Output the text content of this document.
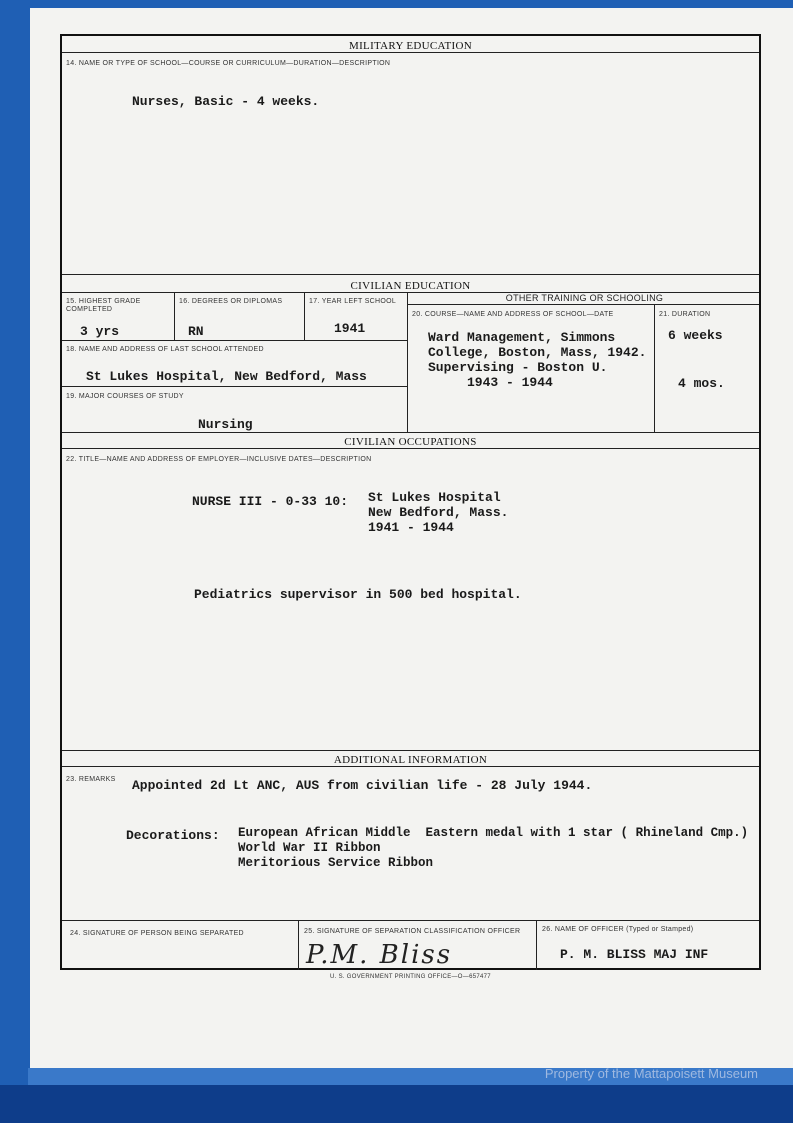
MILITARY EDUCATION
14. NAME OR TYPE OF SCHOOL—COURSE OR CURRICULUM—DURATION—DESCRIPTION
Nurses, Basic - 4 weeks.
CIVILIAN EDUCATION
15. HIGHEST GRADE COMPLETED
3 yrs
16. DEGREES OR DIPLOMAS
RN
17. YEAR LEFT SCHOOL
1941
18. NAME AND ADDRESS OF LAST SCHOOL ATTENDED
St Lukes Hospital, New Bedford, Mass
19. MAJOR COURSES OF STUDY
Nursing
OTHER TRAINING OR SCHOOLING
20. COURSE—NAME AND ADDRESS OF SCHOOL—DATE	21. DURATION
Ward Management, Simmons
College, Boston, Mass, 1942.
Supervising - Boston U.
1943 - 1944
6 weeks
4 mos.
CIVILIAN OCCUPATIONS
22. TITLE—NAME AND ADDRESS OF EMPLOYER—INCLUSIVE DATES—DESCRIPTION
NURSE III - 0-33 10: St Lukes Hospital
New Bedford, Mass.
1941 - 1944
Pediatrics supervisor in 500 bed hospital.
ADDITIONAL INFORMATION
23. REMARKS Appointed 2d Lt ANC, AUS from civilian life - 28 July 1944.
Decorations: European African Middle  Eastern medal with 1 star ( Rhineland Cmp.)
World War II Ribbon
Meritorious Service Ribbon
24. SIGNATURE OF PERSON BEING SEPARATED	25. SIGNATURE OF SEPARATION CLASSIFICATION OFFICER
P.M. Bliss
26. NAME OF OFFICER (Typed or Stamped)
P. M. BLISS MAJ INF
U. S. GOVERNMENT PRINTING OFFICE—O—657477
Property of the Mattapoisett Museum
